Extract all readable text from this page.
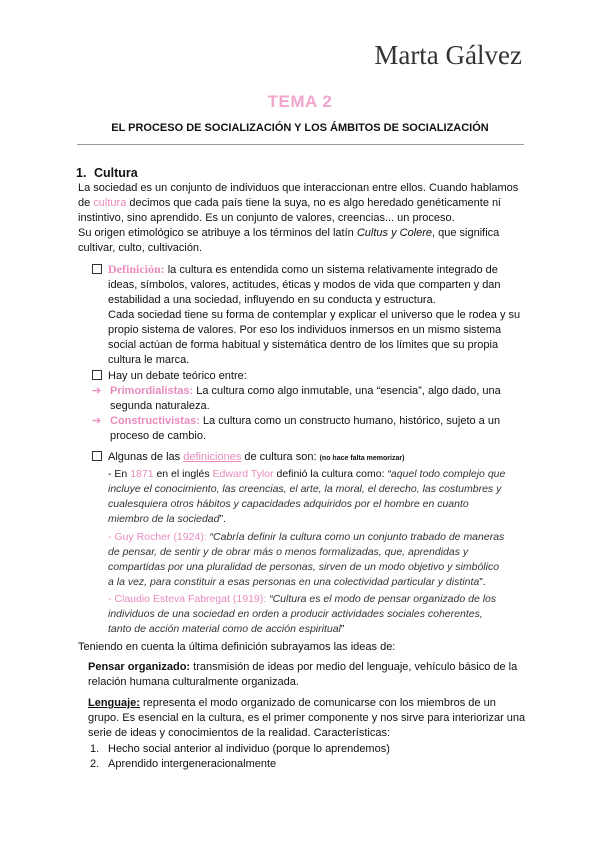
Marta Gálvez
TEMA 2
EL PROCESO DE SOCIALIZACIÓN Y LOS ÁMBITOS DE SOCIALIZACIÓN
1. Cultura
La sociedad es un conjunto de individuos que interaccionan entre ellos. Cuando hablamos
de cultura decimos que cada país tiene la suya, no es algo heredado genéticamente ni
instintivo, sino aprendido. Es un conjunto de valores, creencias... un proceso.
Su origen etimológico se atribuye a los términos del latín Cultus y Colere, que significa
cultivar, culto, cultivación.
Definición: la cultura es entendida como un sistema relativamente integrado de
ideas, símbolos, valores, actitudes, éticas y modos de vida que comparten y dan
estabilidad a una sociedad, influyendo en su conducta y estructura.
Cada sociedad tiene su forma de contemplar y explicar el universo que le rodea y su
propio sistema de valores. Por eso los individuos inmersos en un mismo sistema
social actúan de forma habitual y sistemática dentro de los límites que su propia
cultura le marca.
Hay un debate teórico entre:
➔ Primordialistas: La cultura como algo inmutable, una “esencia”, algo dado, una
segunda naturaleza.
➔ Constructivistas: La cultura como un constructo humano, histórico, sujeto a un
proceso de cambio.
Algunas de las definiciones de cultura son: (no hace falta memorizar)
- En 1871 en el inglés Edward Tylor definió la cultura como: “aquel todo complejo que
incluye el conocimiento, las creencias, el arte, la moral, el derecho, las costumbres y
cualesquiera otros hábitos y capacidades adquiridos por el hombre en cuanto
miembro de la sociedad”.
- Guy Rocher (1924): “Cabría definir la cultura como un conjunto trabado de maneras
de pensar, de sentir y de obrar más o menos formalizadas, que, aprendidas y
compartidas por una pluralidad de personas, sirven de un modo objetivo y simbólico
a la vez, para constituir a esas personas en una colectividad particular y distinta”.
- Claudio Esteva Fabregat (1919): “Cultura es el modo de pensar organizado de los
individuos de una sociedad en orden a producir actividades sociales coherentes,
tanto de acción material como de acción espiritual”
Teniendo en cuenta la última definición subrayamos las ideas de:
Pensar organizado: transmisión de ideas por medio del lenguaje, vehículo básico de la
relación humana culturalmente organizada.
Lenguaje: representa el modo organizado de comunicarse con los miembros de un
grupo. Es esencial en la cultura, es el primer componente y nos sirve para interiorizar una
serie de ideas y conocimientos de la realidad. Características:
1. Hecho social anterior al individuo (porque lo aprendemos)
2. Aprendido intergeneracionalmente
